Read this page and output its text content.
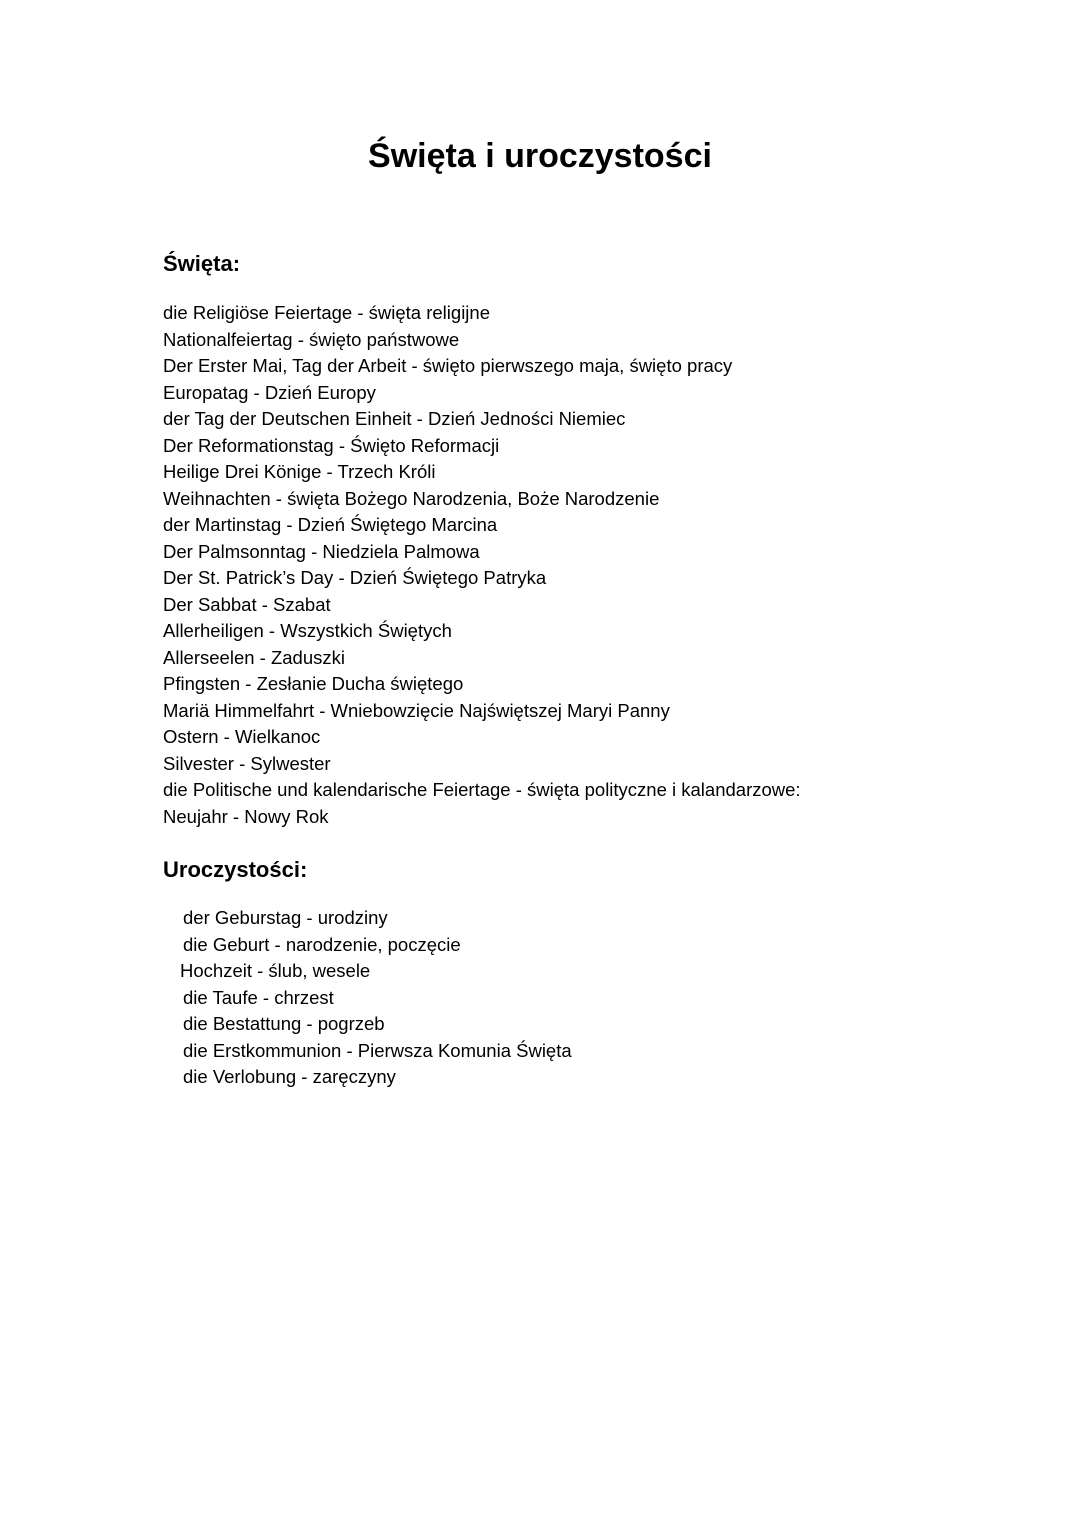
Święta i uroczystości
Święta:
die Religiöse Feiertage - święta religijne
Nationalfeiertag - święto państwowe
Der Erster Mai, Tag der Arbeit - święto pierwszego maja, święto pracy
Europatag - Dzień Europy
der Tag der Deutschen Einheit - Dzień Jedności Niemiec
Der Reformationstag - Święto Reformacji
Heilige Drei Könige - Trzech Króli
Weihnachten - święta Bożego Narodzenia, Boże Narodzenie
der Martinstag - Dzień Świętego Marcina
Der Palmsonntag - Niedziela Palmowa
Der St. Patrick’s Day - Dzień Świętego Patryka
Der Sabbat - Szabat
Allerheiligen - Wszystkich Świętych
Allerseelen - Zaduszki
Pfingsten - Zesłanie Ducha świętego
Mariä Himmelfahrt - Wniebowzięcie Najświętszej Maryi Panny
Ostern - Wielkanoc
Silvester - Sylwester
die Politische und kalendarische Feiertage - święta polityczne i kalandarzowe:
Neujahr - Nowy Rok
Uroczystości:
der Geburstag - urodziny
die Geburt - narodzenie, poczęcie
Hochzeit - ślub, wesele
die Taufe - chrzest
die Bestattung - pogrzeb
die Erstkommunion - Pierwsza Komunia Święta
die Verlobung - zaręczyny
